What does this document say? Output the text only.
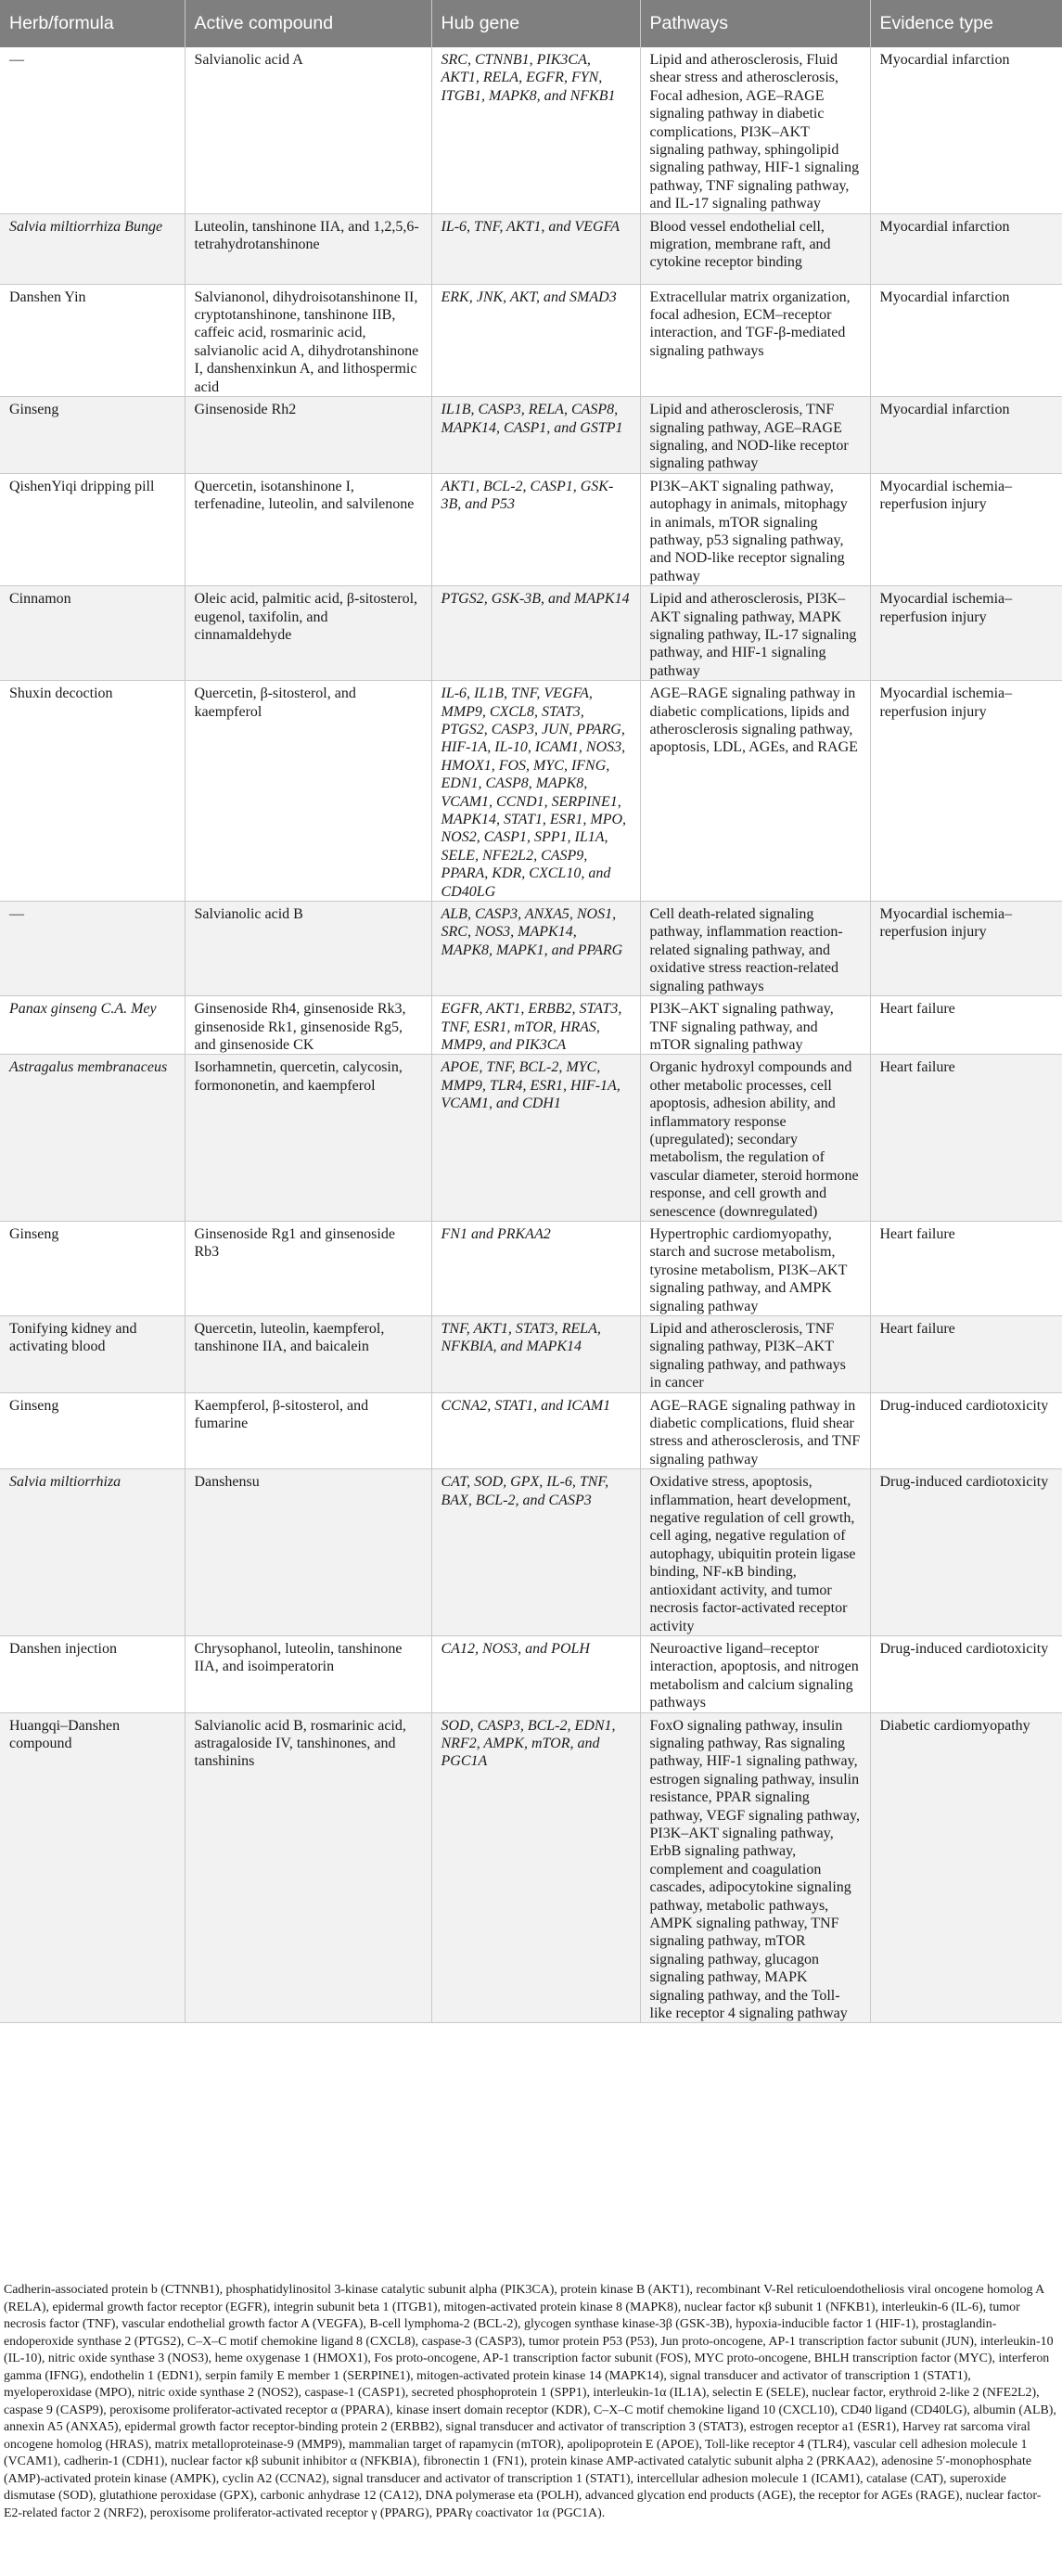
Herb/formula	Active compound	Hub gene	Pathways	Evidence type
—	Salvianolic acid A	SRC, CTNNB1, PIK3CA, AKT1, RELA, EGFR, FYN, ITGB1, MAPK8, and NFKB1	Lipid and atherosclerosis, Fluid shear stress and atherosclerosis, Focal adhesion, AGE–RAGE signaling pathway in diabetic complications, PI3K–AKT signaling pathway, sphingolipid signaling pathway, HIF-1 signaling pathway, TNF signaling pathway, and IL-17 signaling pathway	Myocardial infarction
Salvia miltiorrhiza Bunge	Luteolin, tanshinone IIA, and 1,2,5,6-tetrahydrotanshinone	IL-6, TNF, AKT1, and VEGFA	Blood vessel endothelial cell, migration, membrane raft, and cytokine receptor binding	Myocardial infarction
Danshen Yin	Salvianonol, dihydroisotanshinone II, cryptotanshinone, tanshinone IIB, caffeic acid, rosmarinic acid, salvianolic acid A, dihydrotanshinone I, danshenxinkun A, and lithospermic acid	ERK, JNK, AKT, and SMAD3	Extracellular matrix organization, focal adhesion, ECM–receptor interaction, and TGF-β-mediated signaling pathways	Myocardial infarction
Ginseng	Ginsenoside Rh2	IL1B, CASP3, RELA, CASP8, MAPK14, CASP1, and GSTP1	Lipid and atherosclerosis, TNF signaling pathway, AGE–RAGE signaling, and NOD-like receptor signaling pathway	Myocardial infarction
QishenYiqi dripping pill	Quercetin, isotanshinone I, terfenadine, luteolin, and salvilenone	AKT1, BCL-2, CASP1, GSK-3B, and P53	PI3K–AKT signaling pathway, autophagy in animals, mitophagy in animals, mTOR signaling pathway, p53 signaling pathway, and NOD-like receptor signaling pathway	Myocardial ischemia–reperfusion injury
Cinnamon	Oleic acid, palmitic acid, β-sitosterol, eugenol, taxifolin, and cinnamaldehyde	PTGS2, GSK-3B, and MAPK14	Lipid and atherosclerosis, PI3K–AKT signaling pathway, MAPK signaling pathway, IL-17 signaling pathway, and HIF-1 signaling pathway	Myocardial ischemia–reperfusion injury
Shuxin decoction	Quercetin, β-sitosterol, and kaempferol	IL-6, IL1B, TNF, VEGFA, MMP9, CXCL8, STAT3, PTGS2, CASP3, JUN, PPARG, HIF-1A, IL-10, ICAM1, NOS3, HMOX1, FOS, MYC, IFNG, EDN1, CASP8, MAPK8, VCAM1, CCND1, SERPINE1, MAPK14, STAT1, ESR1, MPO, NOS2, CASP1, SPP1, IL1A, SELE, NFE2L2, CASP9, PPARA, KDR, CXCL10, and CD40LG	AGE–RAGE signaling pathway in diabetic complications, lipids and atherosclerosis signaling pathway, apoptosis, LDL, AGEs, and RAGE	Myocardial ischemia–reperfusion injury
—	Salvianolic acid B	ALB, CASP3, ANXA5, NOS1, SRC, NOS3, MAPK14, MAPK8, MAPK1, and PPARG	Cell death-related signaling pathway, inflammation reaction-related signaling pathway, and oxidative stress reaction-related signaling pathways	Myocardial ischemia–reperfusion injury
Panax ginseng C.A. Mey	Ginsenoside Rh4, ginsenoside Rk3, ginsenoside Rk1, ginsenoside Rg5, and ginsenoside CK	EGFR, AKT1, ERBB2, STAT3, TNF, ESR1, mTOR, HRAS, MMP9, and PIK3CA	PI3K–AKT signaling pathway, TNF signaling pathway, and mTOR signaling pathway	Heart failure
Astragalus membranaceus	Isorhamnetin, quercetin, calycosin, formononetin, and kaempferol	APOE, TNF, BCL-2, MYC, MMP9, TLR4, ESR1, HIF-1A, VCAM1, and CDH1	Organic hydroxyl compounds and other metabolic processes, cell apoptosis, adhesion ability, and inflammatory response (upregulated); secondary metabolism, the regulation of vascular diameter, steroid hormone response, and cell growth and senescence (downregulated)	Heart failure
Ginseng	Ginsenoside Rg1 and ginsenoside Rb3	FN1 and PRKAA2	Hypertrophic cardiomyopathy, starch and sucrose metabolism, tyrosine metabolism, PI3K–AKT signaling pathway, and AMPK signaling pathway	Heart failure
Tonifying kidney and activating blood	Quercetin, luteolin, kaempferol, tanshinone IIA, and baicalein	TNF, AKT1, STAT3, RELA, NFKBIA, and MAPK14	Lipid and atherosclerosis, TNF signaling pathway, PI3K–AKT signaling pathway, and pathways in cancer	Heart failure
Ginseng	Kaempferol, β-sitosterol, and fumarine	CCNA2, STAT1, and ICAM1	AGE–RAGE signaling pathway in diabetic complications, fluid shear stress and atherosclerosis, and TNF signaling pathway	Drug-induced cardiotoxicity
Salvia miltiorrhiza	Danshensu	CAT, SOD, GPX, IL-6, TNF, BAX, BCL-2, and CASP3	Oxidative stress, apoptosis, inflammation, heart development, negative regulation of cell growth, cell aging, negative regulation of autophagy, ubiquitin protein ligase binding, NF-κB binding, antioxidant activity, and tumor necrosis factor-activated receptor activity	Drug-induced cardiotoxicity
Danshen injection	Chrysophanol, luteolin, tanshinone IIA, and isoimperatorin	CA12, NOS3, and POLH	Neuroactive ligand–receptor interaction, apoptosis, and nitrogen metabolism and calcium signaling pathways	Drug-induced cardiotoxicity
Huangqi–Danshen compound	Salvianolic acid B, rosmarinic acid, astragaloside IV, tanshinones, and tanshinins	SOD, CASP3, BCL-2, EDN1, NRF2, AMPK, mTOR, and PGC1A	FoxO signaling pathway, insulin signaling pathway, Ras signaling pathway, HIF-1 signaling pathway, estrogen signaling pathway, insulin resistance, PPAR signaling pathway, VEGF signaling pathway, PI3K–AKT signaling pathway, ErbB signaling pathway, complement and coagulation cascades, adipocytokine signaling pathway, metabolic pathways, AMPK signaling pathway, TNF signaling pathway, mTOR signaling pathway, glucagon signaling pathway, MAPK signaling pathway, and the Toll-like receptor 4 signaling pathway	Diabetic cardiomyopathy
Cadherin-associated protein b (CTNNB1), phosphatidylinositol 3-kinase catalytic subunit alpha (PIK3CA), protein kinase B (AKT1), recombinant V-Rel reticuloendotheliosis viral oncogene homolog A (RELA), epidermal growth factor receptor (EGFR), integrin subunit beta 1 (ITGB1), mitogen-activated protein kinase 8 (MAPK8), nuclear factor κβ subunit 1 (NFKB1), interleukin-6 (IL-6), tumor necrosis factor (TNF), vascular endothelial growth factor A (VEGFA), B-cell lymphoma-2 (BCL-2), glycogen synthase kinase-3β (GSK-3B), hypoxia-inducible factor 1 (HIF-1), prostaglandin-endoperoxide synthase 2 (PTGS2), C–X–C motif chemokine ligand 8 (CXCL8), caspase-3 (CASP3), tumor protein P53 (P53), Jun proto-oncogene, AP-1 transcription factor subunit (JUN), interleukin-10 (IL-10), nitric oxide synthase 3 (NOS3), heme oxygenase 1 (HMOX1), Fos proto-oncogene, AP-1 transcription factor subunit (FOS), MYC proto-oncogene, BHLH transcription factor (MYC), interferon gamma (IFNG), endothelin 1 (EDN1), serpin family E member 1 (SERPINE1), mitogen-activated protein kinase 14 (MAPK14), signal transducer and activator of transcription 1 (STAT1), myeloperoxidase (MPO), nitric oxide synthase 2 (NOS2), caspase-1 (CASP1), secreted phosphoprotein 1 (SPP1), interleukin-1α (IL1A), selectin E (SELE), nuclear factor, erythroid 2-like 2 (NFE2L2), caspase 9 (CASP9), peroxisome proliferator-activated receptor α (PPARA), kinase insert domain receptor (KDR), C–X–C motif chemokine ligand 10 (CXCL10), CD40 ligand (CD40LG), albumin (ALB), annexin A5 (ANXA5), epidermal growth factor receptor-binding protein 2 (ERBB2), signal transducer and activator of transcription 3 (STAT3), estrogen receptor a1 (ESR1), Harvey rat sarcoma viral oncogene homolog (HRAS), matrix metalloproteinase-9 (MMP9), mammalian target of rapamycin (mTOR), apolipoprotein E (APOE), Toll-like receptor 4 (TLR4), vascular cell adhesion molecule 1 (VCAM1), cadherin-1 (CDH1), nuclear factor κβ subunit inhibitor α (NFKBIA), fibronectin 1 (FN1), protein kinase AMP-activated catalytic subunit alpha 2 (PRKAA2), adenosine 5′-monophosphate (AMP)-activated protein kinase (AMPK), cyclin A2 (CCNA2), signal transducer and activator of transcription 1 (STAT1), intercellular adhesion molecule 1 (ICAM1), catalase (CAT), superoxide dismutase (SOD), glutathione peroxidase (GPX), carbonic anhydrase 12 (CA12), DNA polymerase eta (POLH), advanced glycation end products (AGE), the receptor for AGEs (RAGE), nuclear factor-E2-related factor 2 (NRF2), peroxisome proliferator-activated receptor γ (PPARG), PPARγ coactivator 1α (PGC1A).
